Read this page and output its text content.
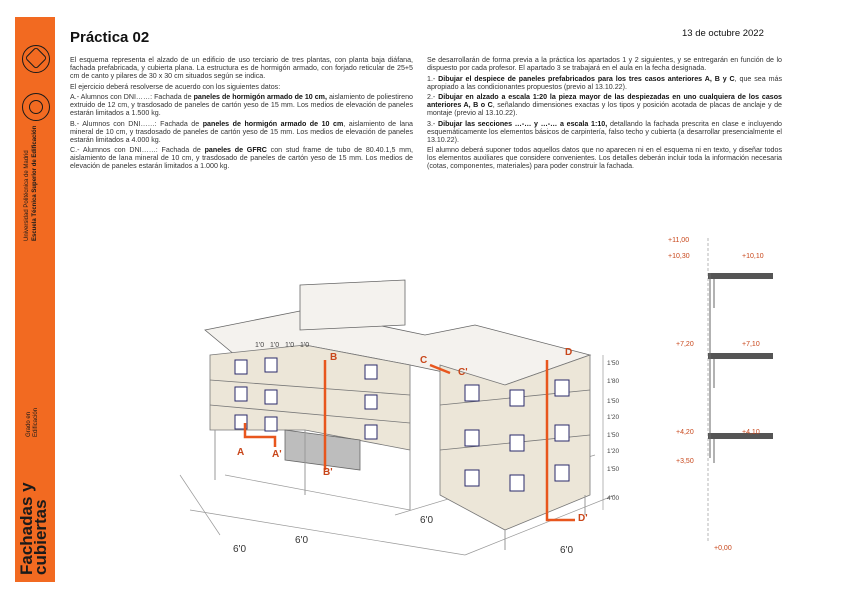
Universidad Politécnica de Madrid Escuela Técnica Superior de Edificación
Grado en Edificación
Fachadas y
cubiertas
Práctica 02	13 de octubre 2022

El esquema representa el alzado de un edificio de uso terciario de tres plantas, con planta baja diáfana, fachada prefabricada, y cubierta plana. La estructura es de hormigón armado, con forjado reticular de 25+5 cm de canto y pilares de 30 x 30 cm situados según se indica.

El ejercicio deberá resolverse de acuerdo con los siguientes datos:

A.- Alumnos con DNI……: Fachada de paneles de hormigón armado de 10 cm, aislamiento de poliestireno extruido de 12 cm, y trasdosado de paneles de cartón yeso de 15 mm. Los medios de elevación de paneles estarán limitados a 1.500 kg.

B.- Alumnos con DNI……: Fachada de paneles de hormigón armado de 10 cm, aislamiento de lana mineral de 10 cm, y trasdosado de paneles de cartón yeso de 15 mm. Los medios de elevación de paneles estarán limitados a 4.000 kg.

C.- Alumnos con DNI……: Fachada de paneles de GFRC con stud frame de tubo de 80.40.1,5 mm, aislamiento de lana mineral de 10 cm, y trasdosado de paneles de cartón yeso de 15 mm. Los medios de elevación de paneles estarán limitados a 1.000 kg.

Se desarrollarán de forma previa a la práctica los apartados 1 y 2 siguientes, y se entregarán en función de lo dispuesto por cada profesor. El apartado 3 se trabajará en el aula en la fecha designada.

1.- Dibujar el despiece de paneles prefabricados para los tres casos anteriores A, B y C, que sea más apropiado a las condicionantes propuestos (previo al 13.10.22).

2.- Dibujar en alzado a escala 1:20 la pieza mayor de las despiezadas en uno cualquiera de los casos anteriores A, B o C, señalando dimensiones exactas y los tipos y posición acotada de placas de anclaje y de montaje (previo al 13.10.22).

3.- Dibujar las secciones …-… y …-… a escala 1:10, detallando la fachada prescrita en clase e incluyendo esquemáticamente los elementos básicos de carpintería, falso techo y cubierta (a desarrollar presencialmente el 13.10.22).

El alumno deberá suponer todos aquellos datos que no aparecen ni en el esquema ni en texto, y diseñar todos los elementos auxiliares que considere convenientes. Los detalles deberán incluir toda la información necesaria (cotas, componentes, materiales) para poder construir la fachada.

6'0
6'0
6'0
6'0
A	A'
B
B'
C
C'
D
D'
1'0 1'0 1'0 1'0
1'50
1'80
1'50
1'20
1'50
1'20
1'50
4'00
+11,00
+10,30	+10,10
+7,20	+7,10
+4,20	+4,10
+3,50
+0,00
